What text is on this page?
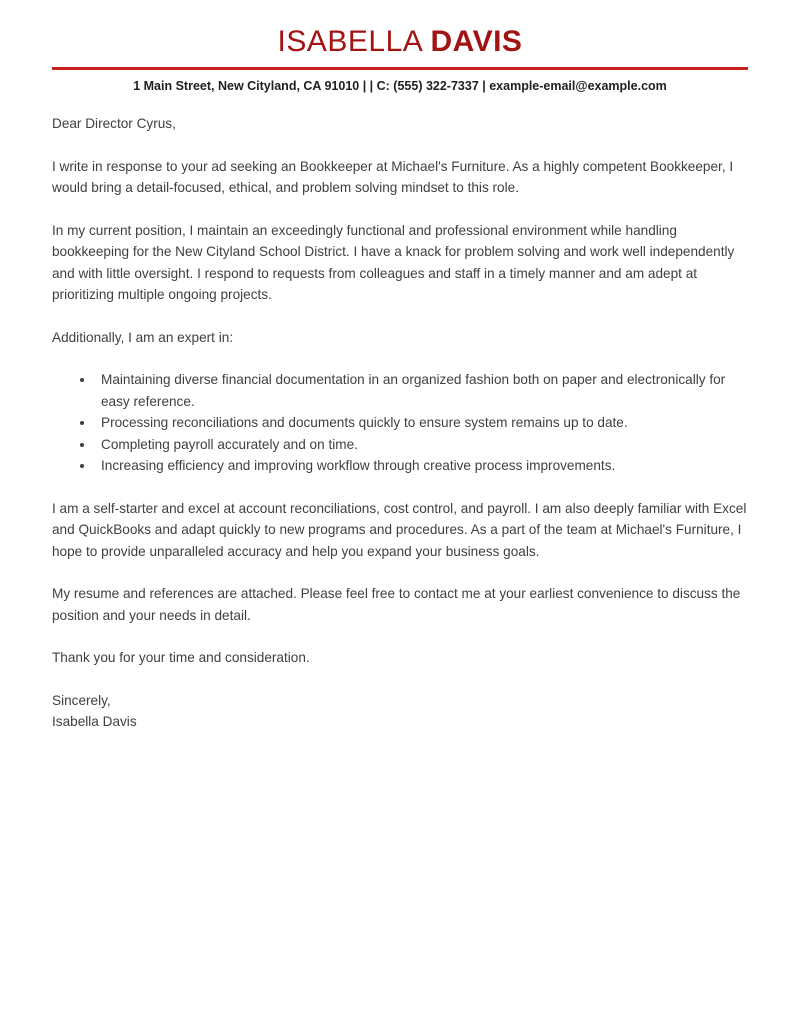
ISABELLA DAVIS
1 Main Street, New Cityland, CA 91010 | | C: (555) 322-7337 | example-email@example.com

Dear Director Cyrus,

I write in response to your ad seeking an Bookkeeper at Michael's Furniture. As a highly competent Bookkeeper, I would bring a detail-focused, ethical, and problem solving mindset to this role.

In my current position, I maintain an exceedingly functional and professional environment while handling bookkeeping for the New Cityland School District. I have a knack for problem solving and work well independently and with little oversight. I respond to requests from colleagues and staff in a timely manner and am adept at prioritizing multiple ongoing projects.

Additionally, I am an expert in:

• Maintaining diverse financial documentation in an organized fashion both on paper and electronically for easy reference.
• Processing reconciliations and documents quickly to ensure system remains up to date.
• Completing payroll accurately and on time.
• Increasing efficiency and improving workflow through creative process improvements.

I am a self-starter and excel at account reconciliations, cost control, and payroll. I am also deeply familiar with Excel and QuickBooks and adapt quickly to new programs and procedures. As a part of the team at Michael's Furniture, I hope to provide unparalleled accuracy and help you expand your business goals.

My resume and references are attached. Please feel free to contact me at your earliest convenience to discuss the position and your needs in detail.

Thank you for your time and consideration.

Sincerely,

Isabella Davis
